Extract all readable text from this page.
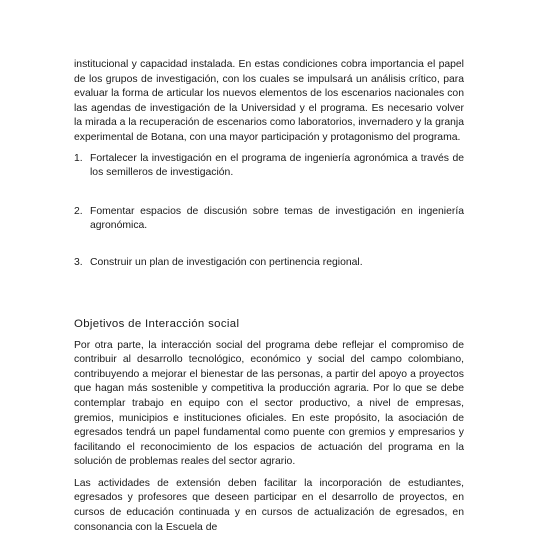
institucional y capacidad instalada. En estas condiciones cobra importancia el papel de los grupos de investigación, con los cuales se impulsará un análisis crítico, para evaluar la forma de articular los nuevos elementos de los escenarios nacionales con las agendas de investigación de la Universidad y el programa. Es necesario volver la mirada a la recuperación de escenarios como laboratorios, invernadero y la granja experimental de Botana, con una mayor participación y protagonismo del programa.

1. Fortalecer la investigación en el programa de ingeniería agronómica a través de los semilleros de investigación.
2. Fomentar espacios de discusión sobre temas de investigación en ingeniería agronómica.
3. Construir un plan de investigación con pertinencia regional.
Objetivos de Interacción social

Por otra parte, la interacción social del programa debe reflejar el compromiso de contribuir al desarrollo tecnológico, económico y social del campo colombiano, contribuyendo a mejorar el bienestar de las personas, a partir del apoyo a proyectos que hagan más sostenible y competitiva la producción agraria. Por lo que se debe contemplar trabajo en equipo con el sector productivo, a nivel de empresas, gremios, municipios e instituciones oficiales. En este propósito, la asociación de egresados tendrá un papel fundamental como puente con gremios y empresarios y facilitando el reconocimiento de los espacios de actuación del programa en la solución de problemas reales del sector agrario.

Las actividades de extensión deben facilitar la incorporación de estudiantes, egresados y profesores que deseen participar en el desarrollo de proyectos, en cursos de educación continuada y en cursos de actualización de egresados, en consonancia con la Escuela de
